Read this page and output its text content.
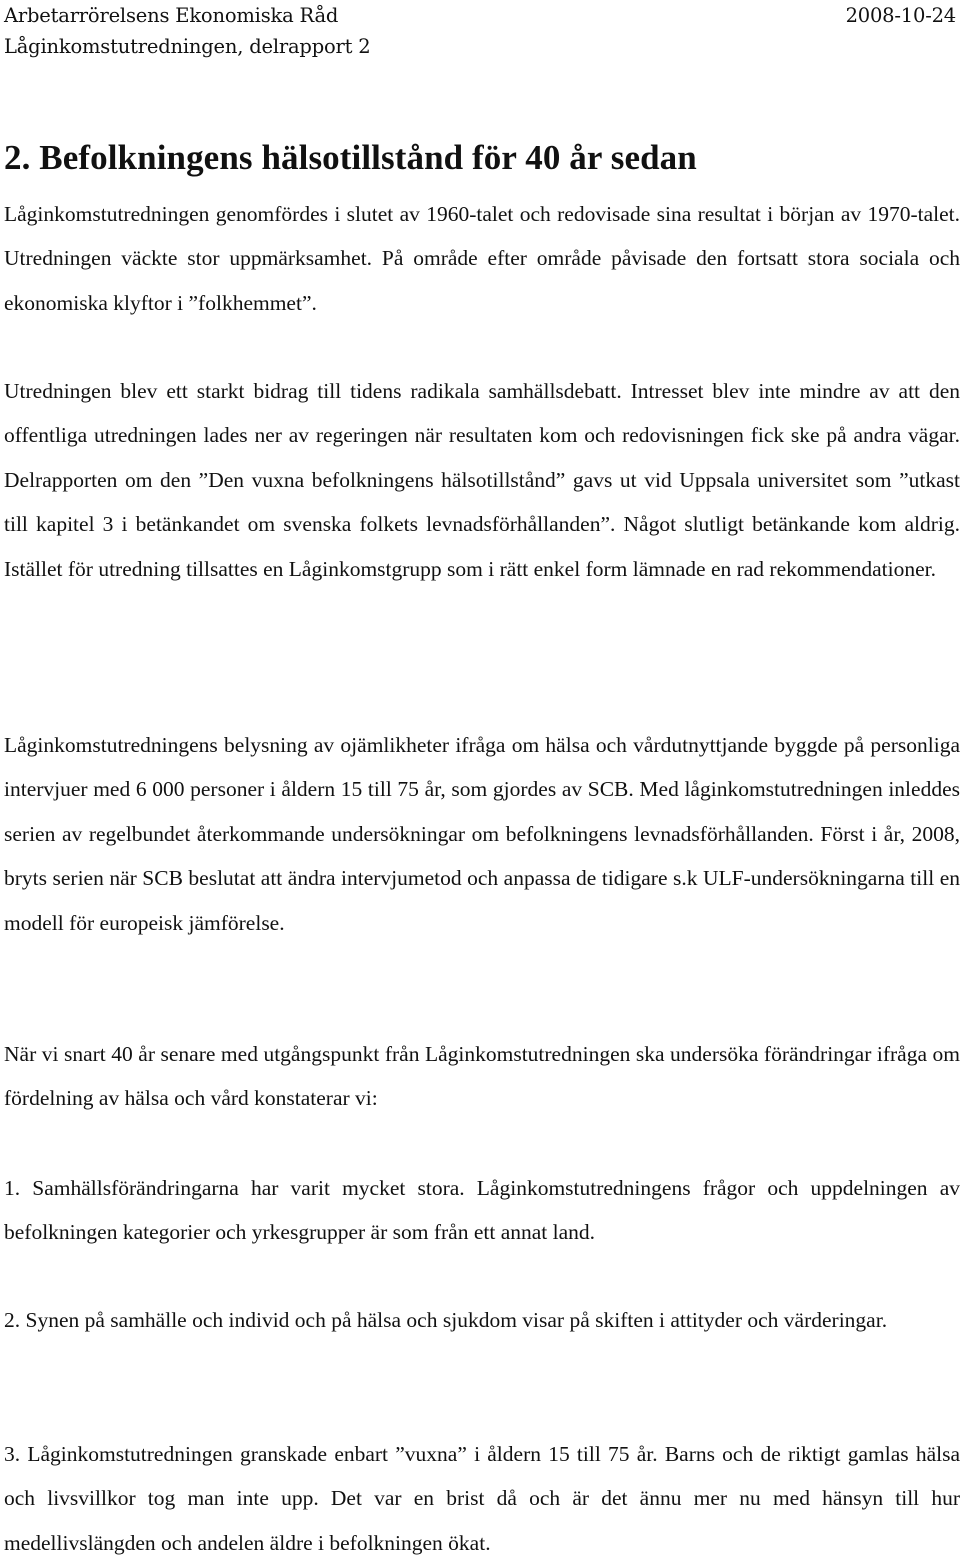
Arbetarrörelsens Ekonomiska Råd	2008-10-24
Låginkomstutredningen, delrapport 2
2. Befolkningens hälsotillstånd för 40 år sedan

Låginkomstutredningen genomfördes i slutet av 1960-talet och redovisade sina resultat i början av 1970-talet. Utredningen väckte stor uppmärksamhet. På område efter område påvisade den fortsatt stora sociala och ekonomiska klyftor i ”folkhemmet”.

Utredningen blev ett starkt bidrag till tidens radikala samhällsdebatt. Intresset blev inte mindre av att den offentliga utredningen lades ner av regeringen när resultaten kom och redovisningen fick ske på andra vägar. Delrapporten om den ”Den vuxna befolkningens hälsotillstånd” gavs ut vid Uppsala universitet som ”utkast till kapitel 3 i betänkandet om svenska folkets levnadsförhållanden”. Något slutligt betänkande kom aldrig. Istället för utredning tillsattes en Låginkomstgrupp som i rätt enkel form lämnade en rad rekommendationer.

Låginkomstutredningens belysning av ojämlikheter ifråga om hälsa och vårdutnyttjande byggde på personliga intervjuer med 6 000 personer i åldern 15 till 75 år, som gjordes av SCB. Med låginkomstutredningen inleddes serien av regelbundet återkommande undersökningar om befolkningens levnadsförhållanden. Först i år, 2008, bryts serien när SCB beslutat att ändra intervjumetod och anpassa de tidigare s.k ULF-undersökningarna till en modell för europeisk jämförelse.

När vi snart 40 år senare med utgångspunkt från Låginkomstutredningen ska undersöka förändringar ifråga om fördelning av hälsa och vård konstaterar vi:

1. Samhällsförändringarna har varit mycket stora. Låginkomstutredningens frågor och uppdelningen av befolkningen kategorier och yrkesgrupper är som från ett annat land.

2. Synen på samhälle och individ och på hälsa och sjukdom visar på skiften i attityder och värderingar.

3. Låginkomstutredningen granskade enbart ”vuxna” i åldern 15 till 75 år. Barns och de riktigt gamlas hälsa och livsvillkor tog man inte upp. Det var en brist då och är det ännu mer nu med hänsyn till hur medellivslängden och andelen äldre i befolkningen ökat.
